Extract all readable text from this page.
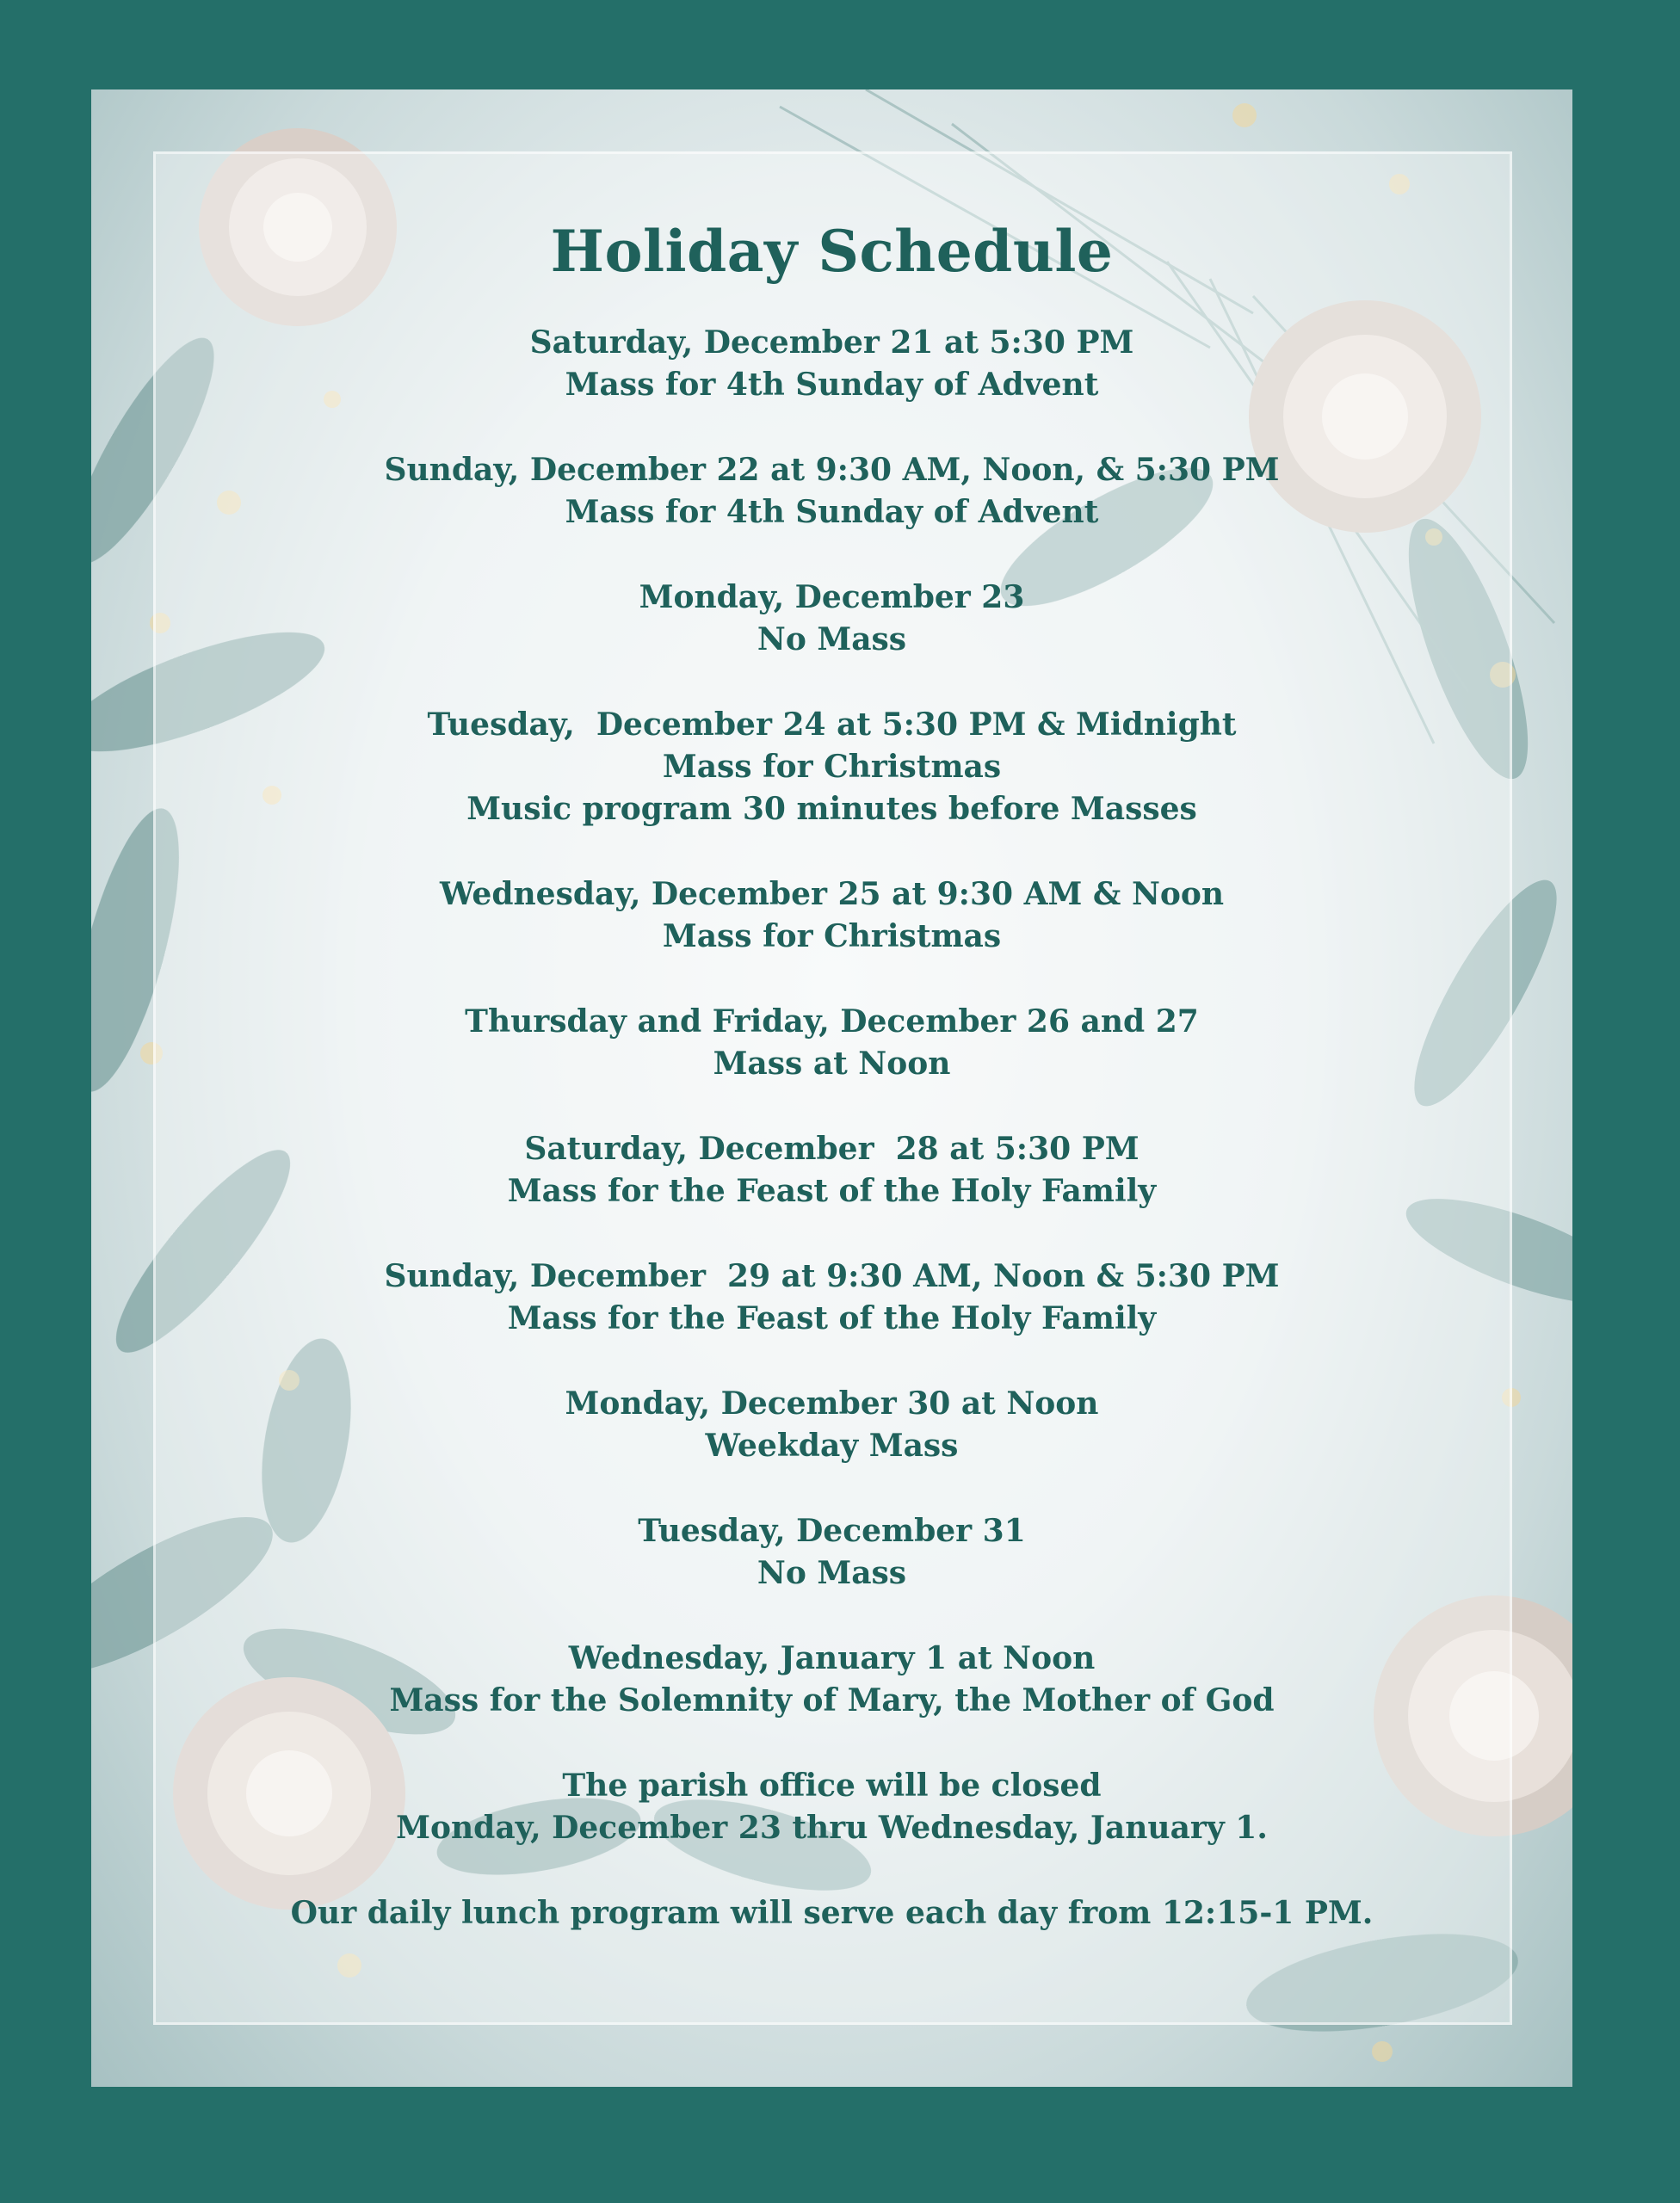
Holiday Schedule
Saturday, December 21 at 5:30 PM
Mass for 4th Sunday of Advent
Sunday, December 22 at 9:30 AM, Noon, & 5:30 PM
Mass for 4th Sunday of Advent
Monday, December 23
No Mass
Tuesday,  December 24 at 5:30 PM & Midnight
Mass for Christmas
Music program 30 minutes before Masses
Wednesday, December 25 at 9:30 AM & Noon
Mass for Christmas
Thursday and Friday, December 26 and 27
Mass at Noon
Saturday, December  28 at 5:30 PM
Mass for the Feast of the Holy Family
Sunday, December  29 at 9:30 AM, Noon & 5:30 PM
Mass for the Feast of the Holy Family
Monday, December 30 at Noon
Weekday Mass
Tuesday, December 31
No Mass
Wednesday, January 1 at Noon
Mass for the Solemnity of Mary, the Mother of God
The parish office will be closed
Monday, December 23 thru Wednesday, January 1.
Our daily lunch program will serve each day from 12:15-1 PM.
